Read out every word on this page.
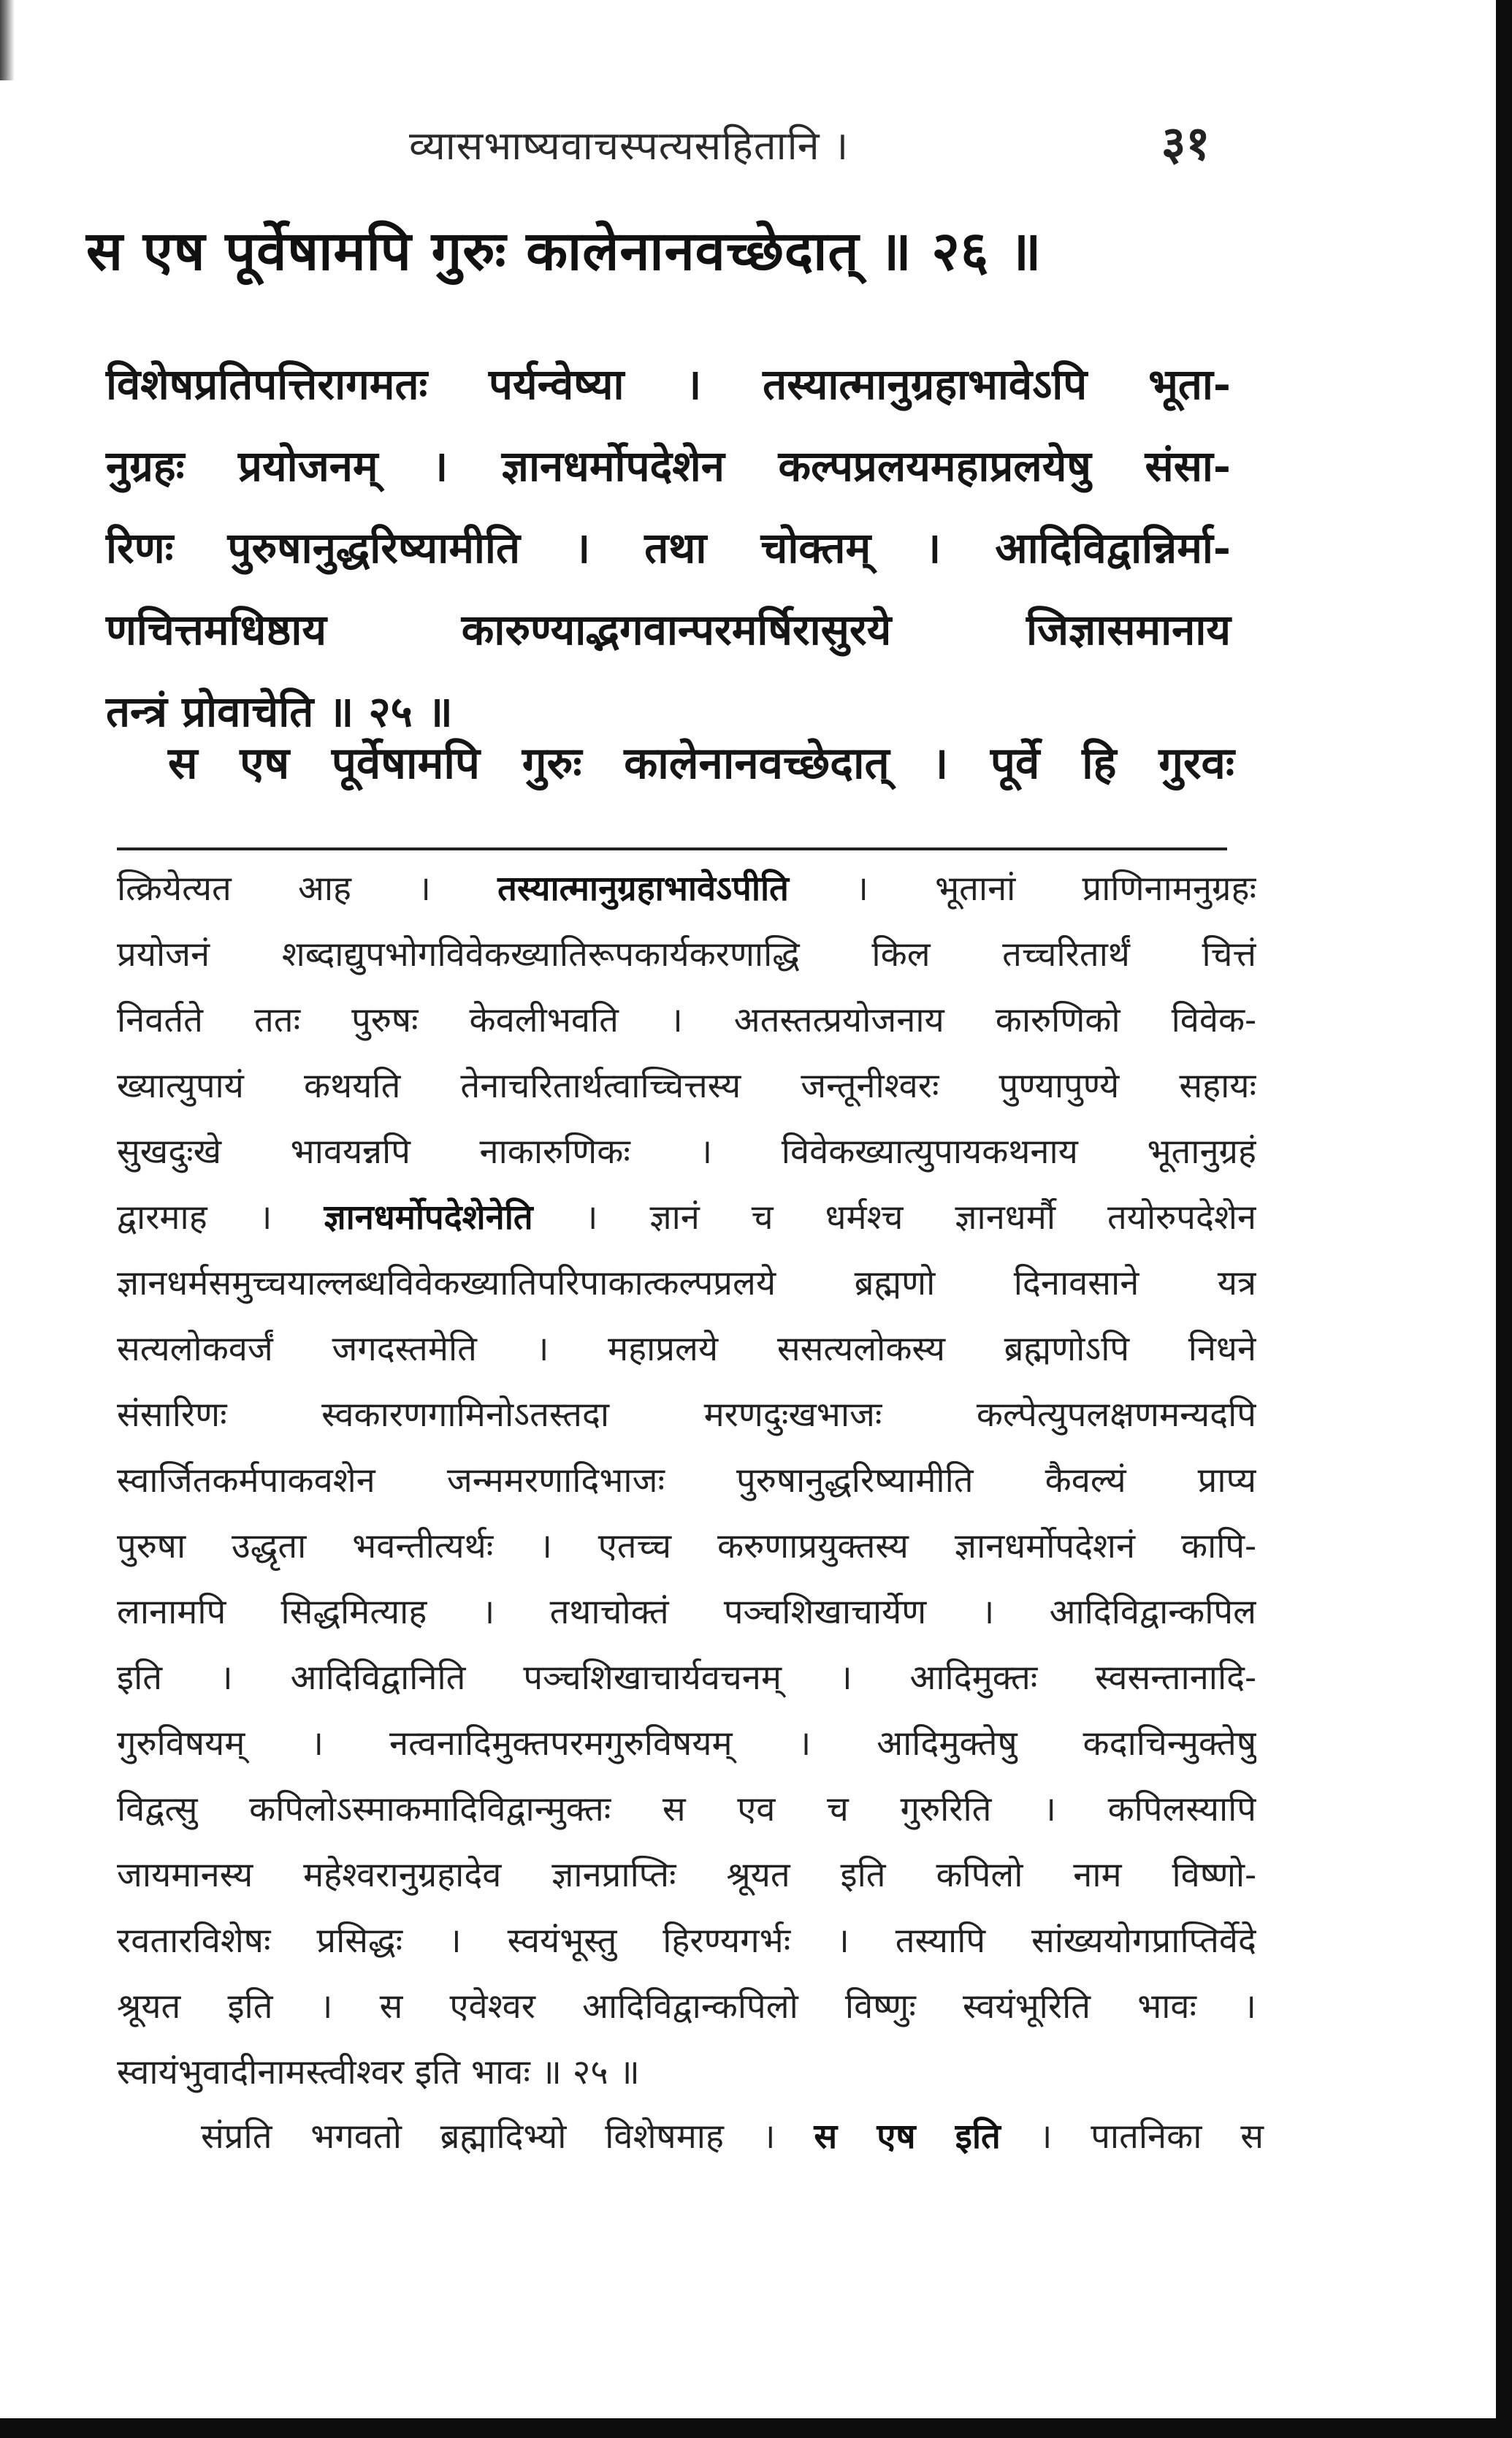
व्यासभाष्यवाचस्पत्यसहितानि ।	३१
स एष पूर्वेषामपि गुरुः कालेनानवच्छेदात् ॥ २६ ॥
विशेषप्रतिपत्तिरागमतः पर्यन्वेष्या । तस्यात्मानुग्रहाभावेऽपि भूता-
नुग्रहः प्रयोजनम् । ज्ञानधर्मोपदेशेन कल्पप्रलयमहाप्रलयेषु संसा-
रिणः पुरुषानुद्धरिष्यामीति । तथा चोक्तम् । आदिविद्वान्निर्मा-
णचित्तमधिष्ठाय कारुण्याद्भगवान्परमर्षिरासुरये जिज्ञासमानाय
तन्त्रं प्रोवाचेति ॥ २५ ॥
स एष पूर्वेषामपि गुरुः कालेनानवच्छेदात् । पूर्वे हि गुरवः
त्क्रियेत्यत आह । तस्यात्मानुग्रहाभावेऽपीति । भूतानां प्राणिनामनुग्रहः
प्रयोजनं शब्दाद्युपभोगविवेकख्यातिरूपकार्यकरणाद्धि किल तच्चरितार्थं चित्तं
निवर्तते ततः पुरुषः केवलीभवति । अतस्तत्प्रयोजनाय कारुणिको विवेक-
ख्यात्युपायं कथयति तेनाचरितार्थत्वाच्चित्तस्य जन्तूनीश्वरः पुण्यापुण्ये सहायः
सुखदुःखे भावयन्नपि नाकारुणिकः । विवेकख्यात्युपायकथनाय भूतानुग्रहं
द्वारमाह । ज्ञानधर्मोपदेशेनेति । ज्ञानं च धर्मश्च ज्ञानधर्मौ तयोरुपदेशेन
ज्ञानधर्मसमुच्चयाल्लब्धविवेकख्यातिपरिपाकात्कल्पप्रलये ब्रह्मणो दिनावसाने यत्र
सत्यलोकवर्जं जगदस्तमेति । महाप्रलये ससत्यलोकस्य ब्रह्मणोऽपि निधने
संसारिणः स्वकारणगामिनोऽतस्तदा मरणदुःखभाजः कल्पेत्युपलक्षणमन्यदपि
स्वार्जितकर्मपाकवशेन जन्ममरणादिभाजः पुरुषानुद्धरिष्यामीति कैवल्यं प्राप्य
पुरुषा उद्धृता भवन्तीत्यर्थः । एतच्च करुणाप्रयुक्तस्य ज्ञानधर्मोपदेशनं कापि-
लानामपि सिद्धमित्याह । तथाचोक्तं पञ्चशिखाचार्येण । आदिविद्वान्कपिल
इति । आदिविद्वानिति पञ्चशिखाचार्यवचनम् । आदिमुक्तः स्वसन्तानादि-
गुरुविषयम् । नत्वनादिमुक्तपरमगुरुविषयम् । आदिमुक्तेषु कदाचिन्मुक्तेषु
विद्वत्सु कपिलोऽस्माकमादिविद्वान्मुक्तः स एव च गुरुरिति । कपिलस्यापि
जायमानस्य महेश्वरानुग्रहादेव ज्ञानप्राप्तिः श्रूयत इति कपिलो नाम विष्णो-
रवतारविशेषः प्रसिद्धः । स्वयंभूस्तु हिरण्यगर्भः । तस्यापि सांख्ययोगप्राप्तिर्वेदे
श्रूयत इति । स एवेश्वर आदिविद्वान्कपिलो विष्णुः स्वयंभूरिति भावः ।
स्वायंभुवादीनामस्त्वीश्वर इति भावः ॥ २५ ॥
संप्रति भगवतो ब्रह्मादिभ्यो विशेषमाह । स एष इति । पातनिका स
